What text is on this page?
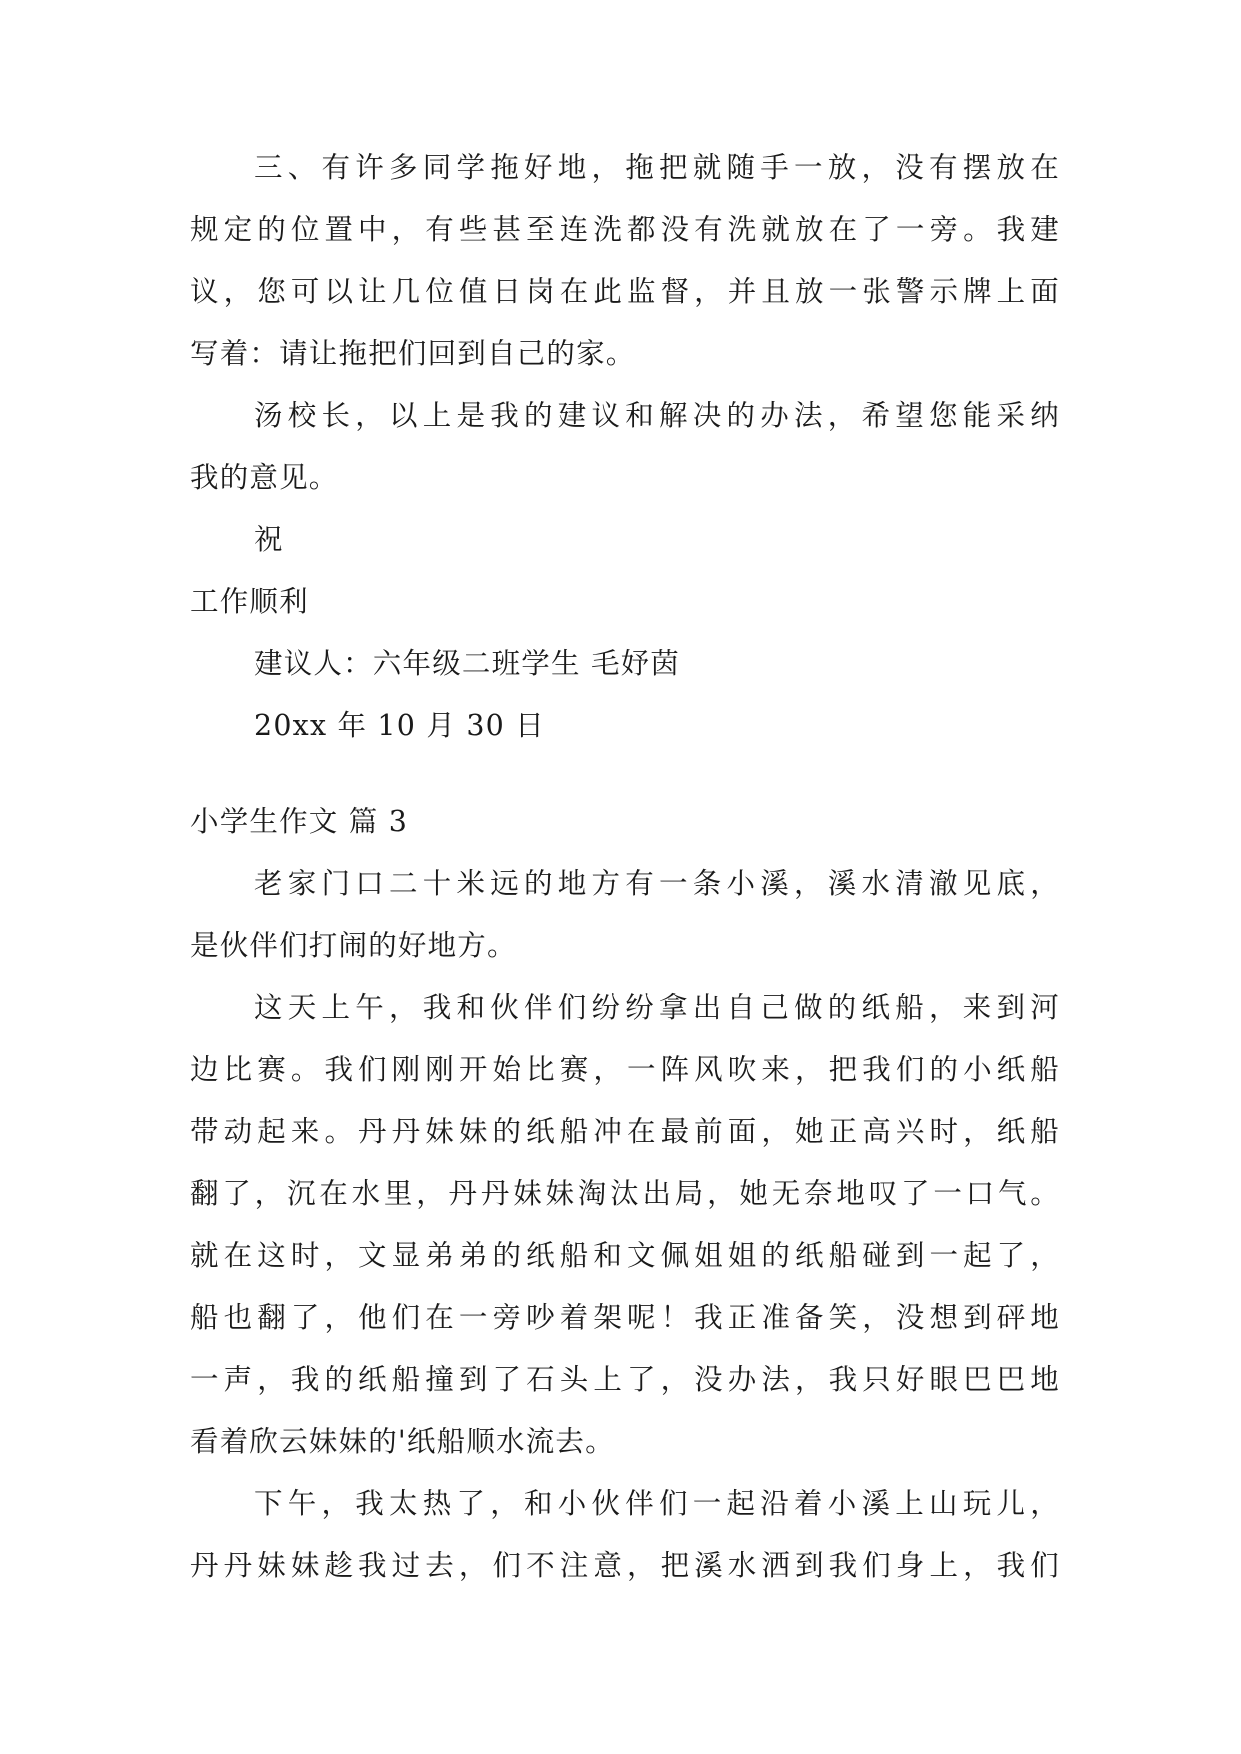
三、有许多同学拖好地，拖把就随手一放，没有摆放在
规定的位置中，有些甚至连洗都没有洗就放在了一旁。我建
议，您可以让几位值日岗在此监督，并且放一张警示牌上面
写着：请让拖把们回到自己的家。
汤校长，以上是我的建议和解决的办法，希望您能采纳
我的意见。
祝
工作顺利
建议人：六年级二班学生 毛妤茵
20xx 年 10 月 30 日
小学生作文 篇 3
老家门口二十米远的地方有一条小溪，溪水清澈见底，
是伙伴们打闹的好地方。
这天上午，我和伙伴们纷纷拿出自己做的纸船，来到河
边比赛。我们刚刚开始比赛，一阵风吹来，把我们的小纸船
带动起来。丹丹妹妹的纸船冲在最前面，她正高兴时，纸船
翻了，沉在水里，丹丹妹妹淘汰出局，她无奈地叹了一口气。
就在这时，文显弟弟的纸船和文佩姐姐的纸船碰到一起了，
船也翻了，他们在一旁吵着架呢！我正准备笑，没想到砰地
一声，我的纸船撞到了石头上了，没办法，我只好眼巴巴地
看着欣云妹妹的'纸船顺水流去。
下午，我太热了，和小伙伴们一起沿着小溪上山玩儿，
丹丹妹妹趁我过去，们不注意，把溪水洒到我们身上，我们
